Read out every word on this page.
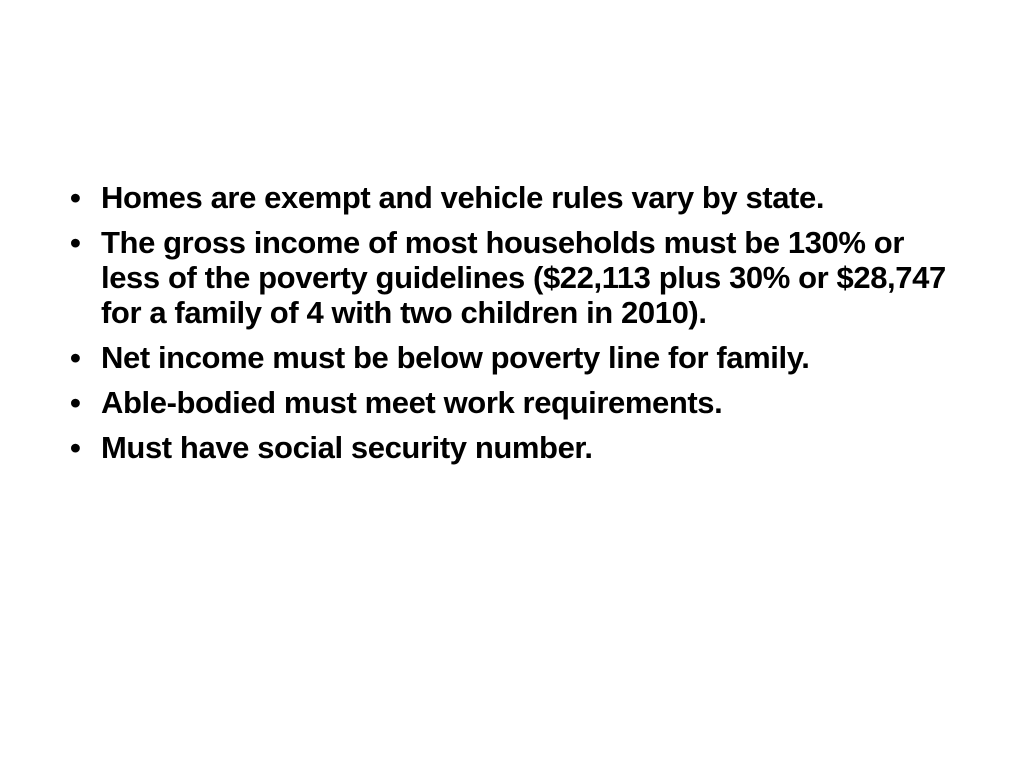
• Homes are exempt and vehicle rules vary by state.
• The gross income of most households must be 130% or less of the poverty guidelines ($22,113 plus 30% or $28,747 for a family of 4 with two children in 2010).
• Net income must be below poverty line for family.
• Able-bodied must meet work requirements.
• Must have social security number.
